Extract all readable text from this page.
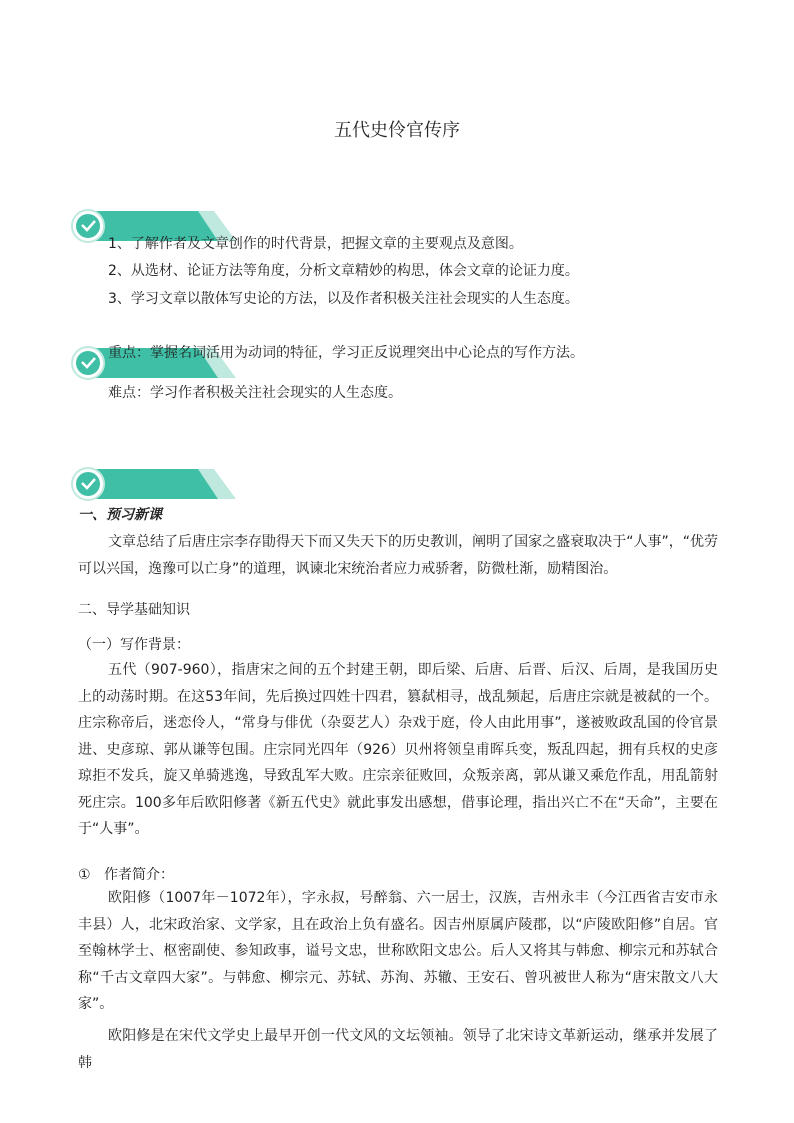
五代史伶官传序
1、了解作者及文章创作的时代背景，把握文章的主要观点及意图。
2、从选材、论证方法等角度，分析文章精妙的构思，体会文章的论证力度。
3、学习文章以散体写史论的方法，以及作者积极关注社会现实的人生态度。
重点：掌握名词活用为动词的特征，学习正反说理突出中心论点的写作方法。
难点：学习作者积极关注社会现实的人生态度。
一、预习新课
文章总结了后唐庄宗李存勖得天下而又失天下的历史教训，阐明了国家之盛衰取决于“人事”，“优劳可以兴国，逸豫可以亡身”的道理，讽谏北宋统治者应力戒骄奢，防微杜渐，励精图治。
二、导学基础知识
（一）写作背景：
五代（907-960），指唐宋之间的五个封建王朝，即后梁、后唐、后晋、后汉、后周，是我国历史上的动荡时期。在这53年间，先后换过四姓十四君，篡弑相寻，战乱频起，后唐庄宗就是被弑的一个。庄宗称帝后，迷恋伶人，“常身与俳优（杂耍艺人）杂戏于庭，伶人由此用事”，遂被败政乱国的伶官景进、史彦琼、郭从谦等包围。庄宗同光四年（926）贝州将领皇甫晖兵变，叛乱四起，拥有兵权的史彦琼拒不发兵，旋又单骑逃逸，导致乱军大败。庄宗亲征败回，众叛亲离，郭从谦又乘危作乱，用乱箭射死庄宗。100多年后欧阳修著《新五代史》就此事发出感想，借事论理，指出兴亡不在“天命”，主要在于“人事”。
① 作者简介：
欧阳修（1007年－1072年），字永叔，号醉翁、六一居士，汉族，吉州永丰（今江西省吉安市永丰县）人，北宋政治家、文学家，且在政治上负有盛名。因吉州原属庐陵郡，以“庐陵欧阳修”自居。官至翰林学士、枢密副使、参知政事，谥号文忠，世称欧阳文忠公。后人又将其与韩愈、柳宗元和苏轼合称“千古文章四大家”。与韩愈、柳宗元、苏轼、苏洵、苏辙、王安石、曾巩被世人称为“唐宋散文八大家”。
欧阳修是在宋代文学史上最早开创一代文风的文坛领袖。领导了北宋诗文革新运动，继承并发展了韩
